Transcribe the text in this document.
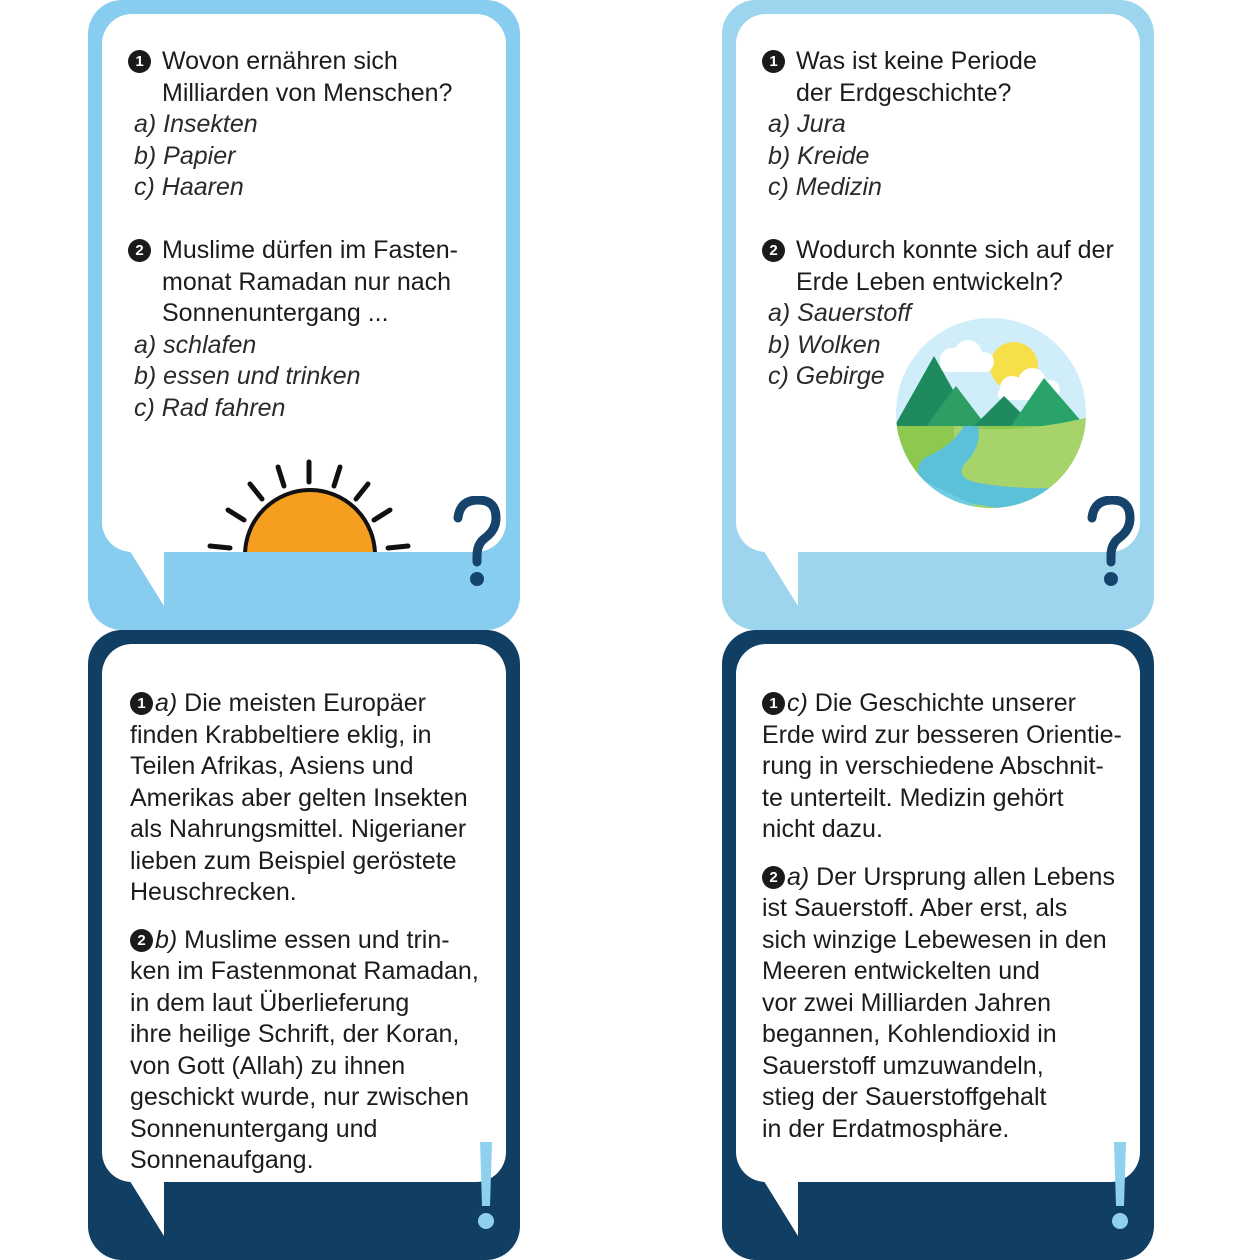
1 Wovon ernähren sich
Milliarden von Menschen?
a) Insekten
b) Papier
c) Haaren
2 Muslime dürfen im Fasten-
monat Ramadan nur nach
Sonnenuntergang ...
a) schlafen
b) essen und trinken
c) Rad fahren
1 Was ist keine Periode
der Erdgeschichte?
a) Jura
b) Kreide
c) Medizin
2 Wodurch konnte sich auf der
Erde Leben entwickeln?
a) Sauerstoff
b) Wolken
c) Gebirge
1 a) Die meisten Europäer
finden Krabbeltiere eklig, in
Teilen Afrikas, Asiens und
Amerikas aber gelten Insekten
als Nahrungsmittel. Nigerianer
lieben zum Beispiel geröstete
Heuschrecken.
2 b) Muslime essen und trin-
ken im Fastenmonat Ramadan,
in dem laut Überlieferung
ihre heilige Schrift, der Koran,
von Gott (Allah) zu ihnen
geschickt wurde, nur zwischen
Sonnenuntergang und
Sonnenaufgang.
1 c) Die Geschichte unserer
Erde wird zur besseren Orientie-
rung in verschiedene Abschnit-
te unterteilt. Medizin gehört
nicht dazu.
2 a) Der Ursprung allen Lebens
ist Sauerstoff. Aber erst, als
sich winzige Lebewesen in den
Meeren entwickelten und
vor zwei Milliarden Jahren
begannen, Kohlendioxid in
Sauerstoff umzuwandeln,
stieg der Sauerstoffgehalt
in der Erdatmosphäre.
